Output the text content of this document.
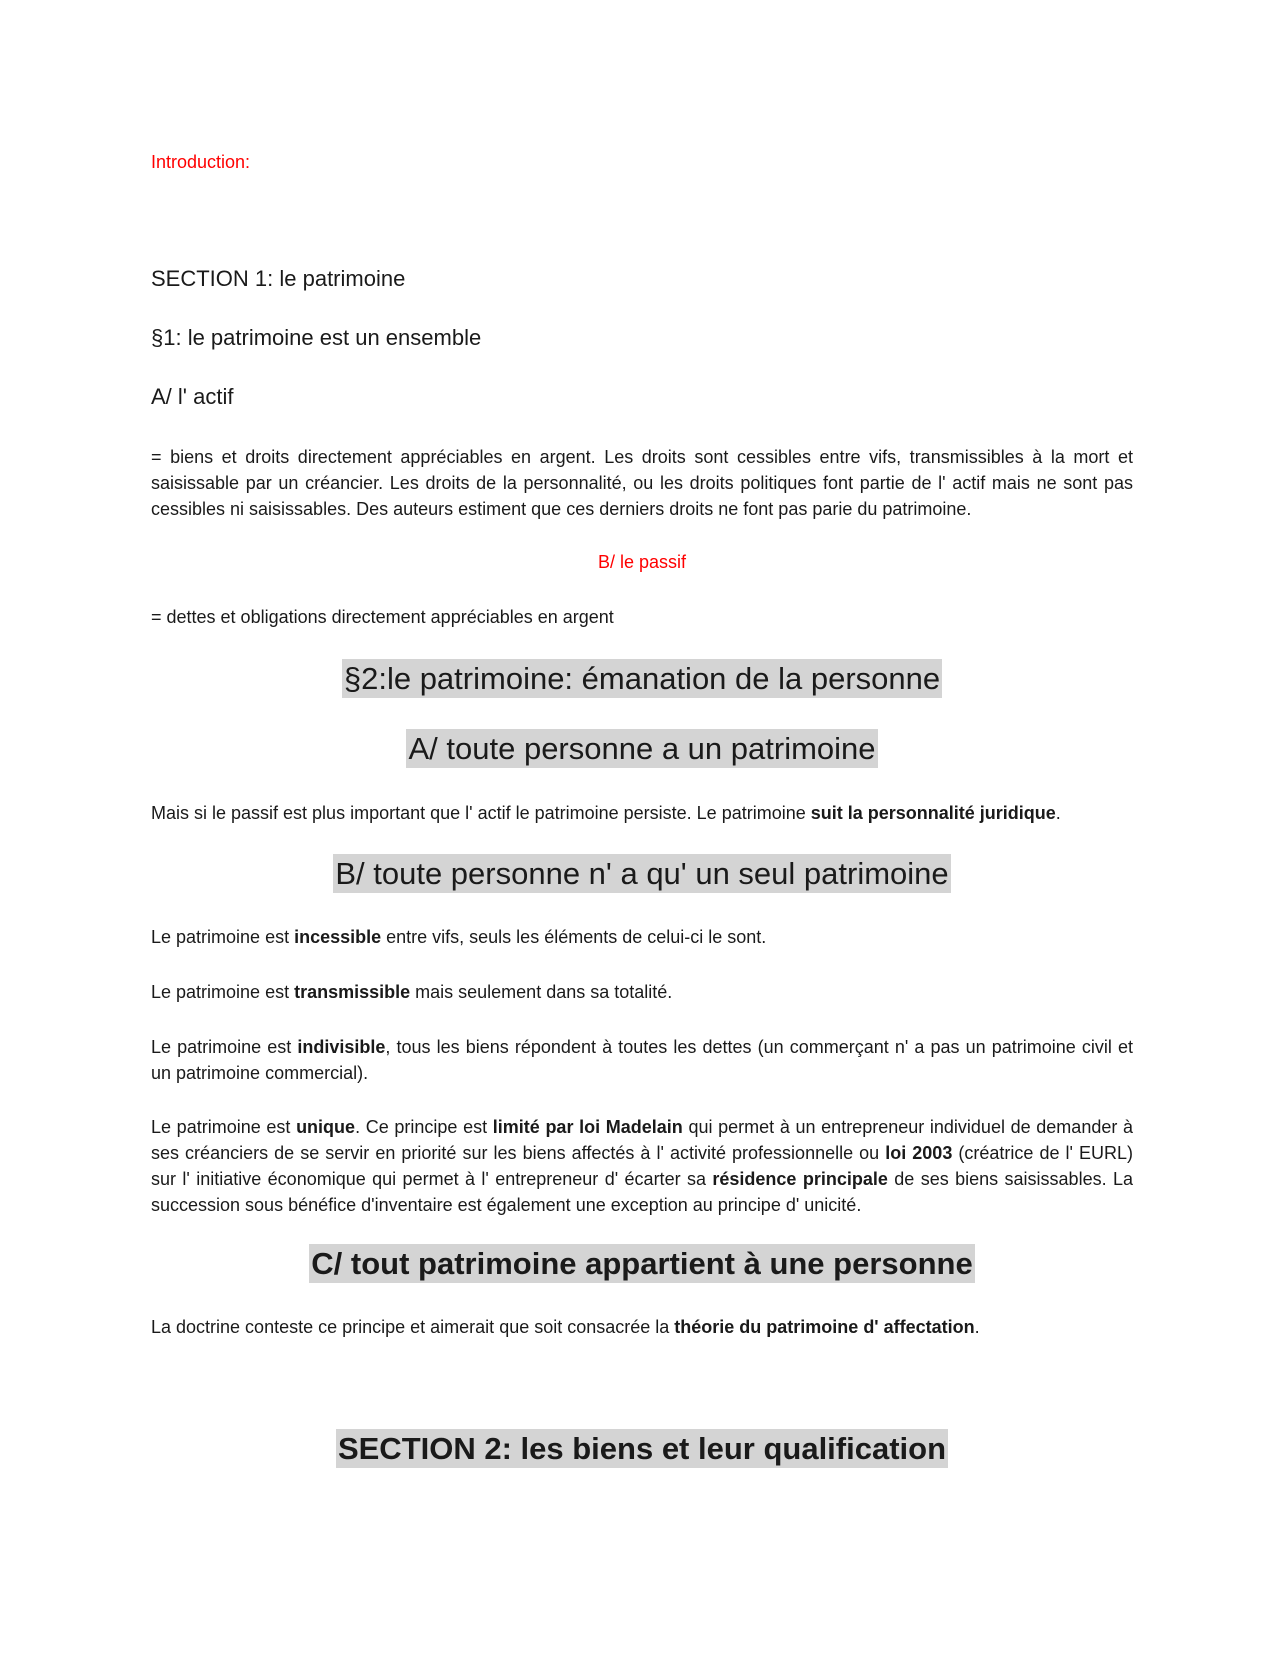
Introduction:

SECTION 1: le patrimoine

§1: le patrimoine est un ensemble

A/ l' actif

= biens et droits directement appréciables en argent. Les droits sont cessibles entre vifs, transmissibles à la mort et saisissable par un créancier. Les droits de la personnalité, ou les droits politiques font partie de l' actif mais ne sont pas cessibles ni saisissables. Des auteurs estiment que ces derniers droits ne font pas parie du patrimoine.

B/ le passif

= dettes et obligations directement appréciables en argent

§2:le patrimoine: émanation de la personne

A/ toute personne a un patrimoine

Mais si le passif est plus important que l' actif le patrimoine persiste. Le patrimoine suit la personnalité juridique.

B/ toute personne n' a qu' un seul patrimoine

Le patrimoine est incessible entre vifs, seuls les éléments de celui-ci le sont.

Le patrimoine est transmissible mais seulement dans sa totalité.

Le patrimoine est indivisible, tous les biens répondent à toutes les dettes (un commerçant n' a pas un patrimoine civil et un patrimoine commercial).

Le patrimoine est unique. Ce principe est limité par loi Madelain qui permet à un entrepreneur individuel de demander à ses créanciers de se servir en priorité sur les biens affectés à l' activité professionnelle ou loi 2003 (créatrice de l' EURL) sur l' initiative économique qui permet à l' entrepreneur d' écarter sa résidence principale de ses biens saisissables. La succession sous bénéfice d'inventaire est également une exception au principe d' unicité.

C/ tout patrimoine appartient à une personne

La doctrine conteste ce principe et aimerait que soit consacrée la théorie du patrimoine d' affectation.

SECTION 2: les biens et leur qualification
